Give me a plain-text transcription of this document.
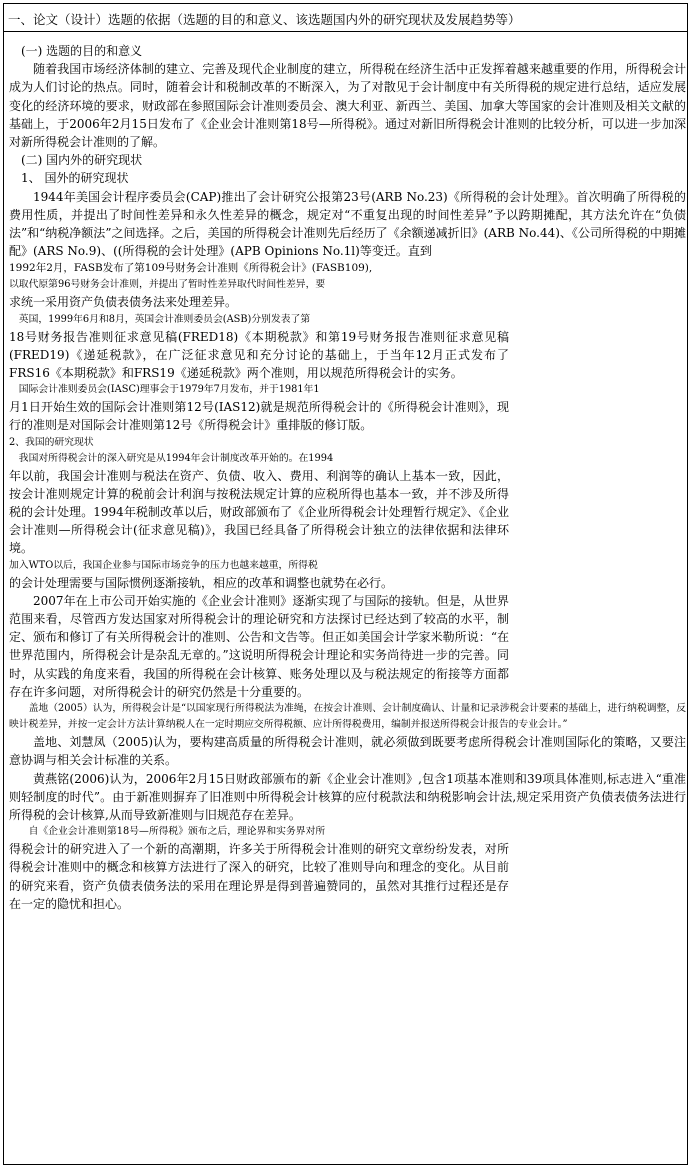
一、论文（设计）选题的依据（选题的目的和意义、该选题国内外的研究现状及发展趋势等）

(一) 选题的目的和意义

随着我国市场经济体制的建立、完善及现代企业制度的建立，所得税在经济生活中正发挥着越来越重要的作用，所得税会计成为人们讨论的热点。同时，随着会计和税制改革的不断深入，为了对散见于会计制度中有关所得税的规定进行总结，适应发展变化的经济环境的要求，财政部在参照国际会计准则委员会、澳大利亚、新西兰、美国、加拿大等国家的会计准则及相关文献的基础上，于2006年2月15日发布了《企业会计准则第18号—所得税》。通过对新旧所得税会计准则的比较分析，可以进一步加深对新所得税会计准则的了解。

(二) 国内外的研究现状

1、 国外的研究现状

1944年美国会计程序委员会(CAP)推出了会计研究公报第23号(ARB No.23)《所得税的会计处理》。首次明确了所得税的费用性质，并提出了时间性差异和永久性差异的概念，规定对“不重复出现的时间性差异”予以跨期摊配，其方法允许在“负债法”和“纳税净额法”之间选择。之后，美国的所得税会计准则先后经历了《余额递减折旧》(ARB No.44)、《公司所得税的中期摊配》(ARS No.9)、((所得税的会计处理》(APB Opinions No.1l)等变迁。直到

1992年2月，FASB发布了第109号财务会计准则《所得税会计》(FASB109),

以取代原第96号财务会计准则，并提出了暂时性差异取代时间性差异，要

求统一采用资产负债表债务法来处理差异。

英国，1999年6月和8月，英国会计准则委员会(ASB)分别发表了第

18号财务报告准则征求意见稿(FRED18)《本期税款》和第19号财务报告准则征求意见稿(FRED19)《递延税款》，在广泛征求意见和充分讨论的基础上，于当年12月正式发布了FRS16《本期税款》和FRS19《递延税款》两个准则，用以规范所得税会计的实务。

国际会计准则委员会(IASC)理事会于1979年7月发布，并于1981年1

月1日开始生效的国际会计准则第12号(IAS12)就是规范所得税会计的《所得税会计准则》，现行的准则是对国际会计准则第12号《所得税会计》重排版的修订版。

2、我国的研究现状

我国对所得税会计的深入研究是从1994年会计制度改革开始的。在1994

年以前，我国会计准则与税法在资产、负债、收入、费用、利润等的确认上基本一致，因此，按会计准则规定计算的税前会计利润与按税法规定计算的应税所得也基本一致，并不涉及所得税的会计处理。1994年税制改革以后，财政部颁布了《企业所得税会计处理暂行规定》、《企业会计准则—所得税会计(征求意见稿)》，我国已经具备了所得税会计独立的法律依据和法律环境。

加入WTO以后，我国企业参与国际市场竞争的压力也越来越重，所得税

的会计处理需要与国际惯例逐渐接轨，相应的改革和调整也就势在必行。

2007年在上市公司开始实施的《企业会计准则》逐渐实现了与国际的接轨。但是，从世界范围来看，尽管西方发达国家对所得税会计的理论研究和方法探讨已经达到了较高的水平，制定、颁布和修订了有关所得税会计的准则、公告和文告等。但正如美国会计学家米勒所说：“在世界范围内，所得税会计是杂乱无章的。”这说明所得税会计理论和实务尚待进一步的完善。同时，从实践的角度来看，我国的所得税在会计核算、账务处理以及与税法规定的衔接等方面都存在许多问题，对所得税会计的研究仍然是十分重要的。

盖地（2005）认为，所得税会计是“以国家现行所得税法为准绳，在按会计准则、会计制度确认、计量和记录涉税会计要素的基础上，进行纳税调整，反映计税差异，并按一定会计方法计算纳税人在一定时期应交所得税额、应计所得税费用，编制并报送所得税会计报告的专业会计。”

盖地、刘慧凤（2005)认为，要构建高质量的所得税会计准则，就必须做到既要考虑所得税会计准则国际化的策略，又要注意协调与相关会计标准的关系。

黄燕铭(2006)认为，2006年2月15日财政部颁布的新《企业会计准则》,包含1项基本准则和39项具体准则,标志进入“重准则轻制度的时代”。由于新准则摒弃了旧准则中所得税会计核算的应付税款法和纳税影响会计法,规定采用资产负债表债务法进行所得税的会计核算,从而导致新准则与旧规范存在差异。

自《企业会计准则第18号—所得税》颁布之后，理论界和实务界对所

得税会计的研究进入了一个新的高潮期，许多关于所得税会计准则的研究文章纷纷发表，对所得税会计准则中的概念和核算方法进行了深入的研究，比较了准则导向和理念的变化。从目前的研究来看，资产负债表债务法的采用在理论界是得到普遍赞同的，虽然对其推行过程还是存在一定的隐忧和担心。
